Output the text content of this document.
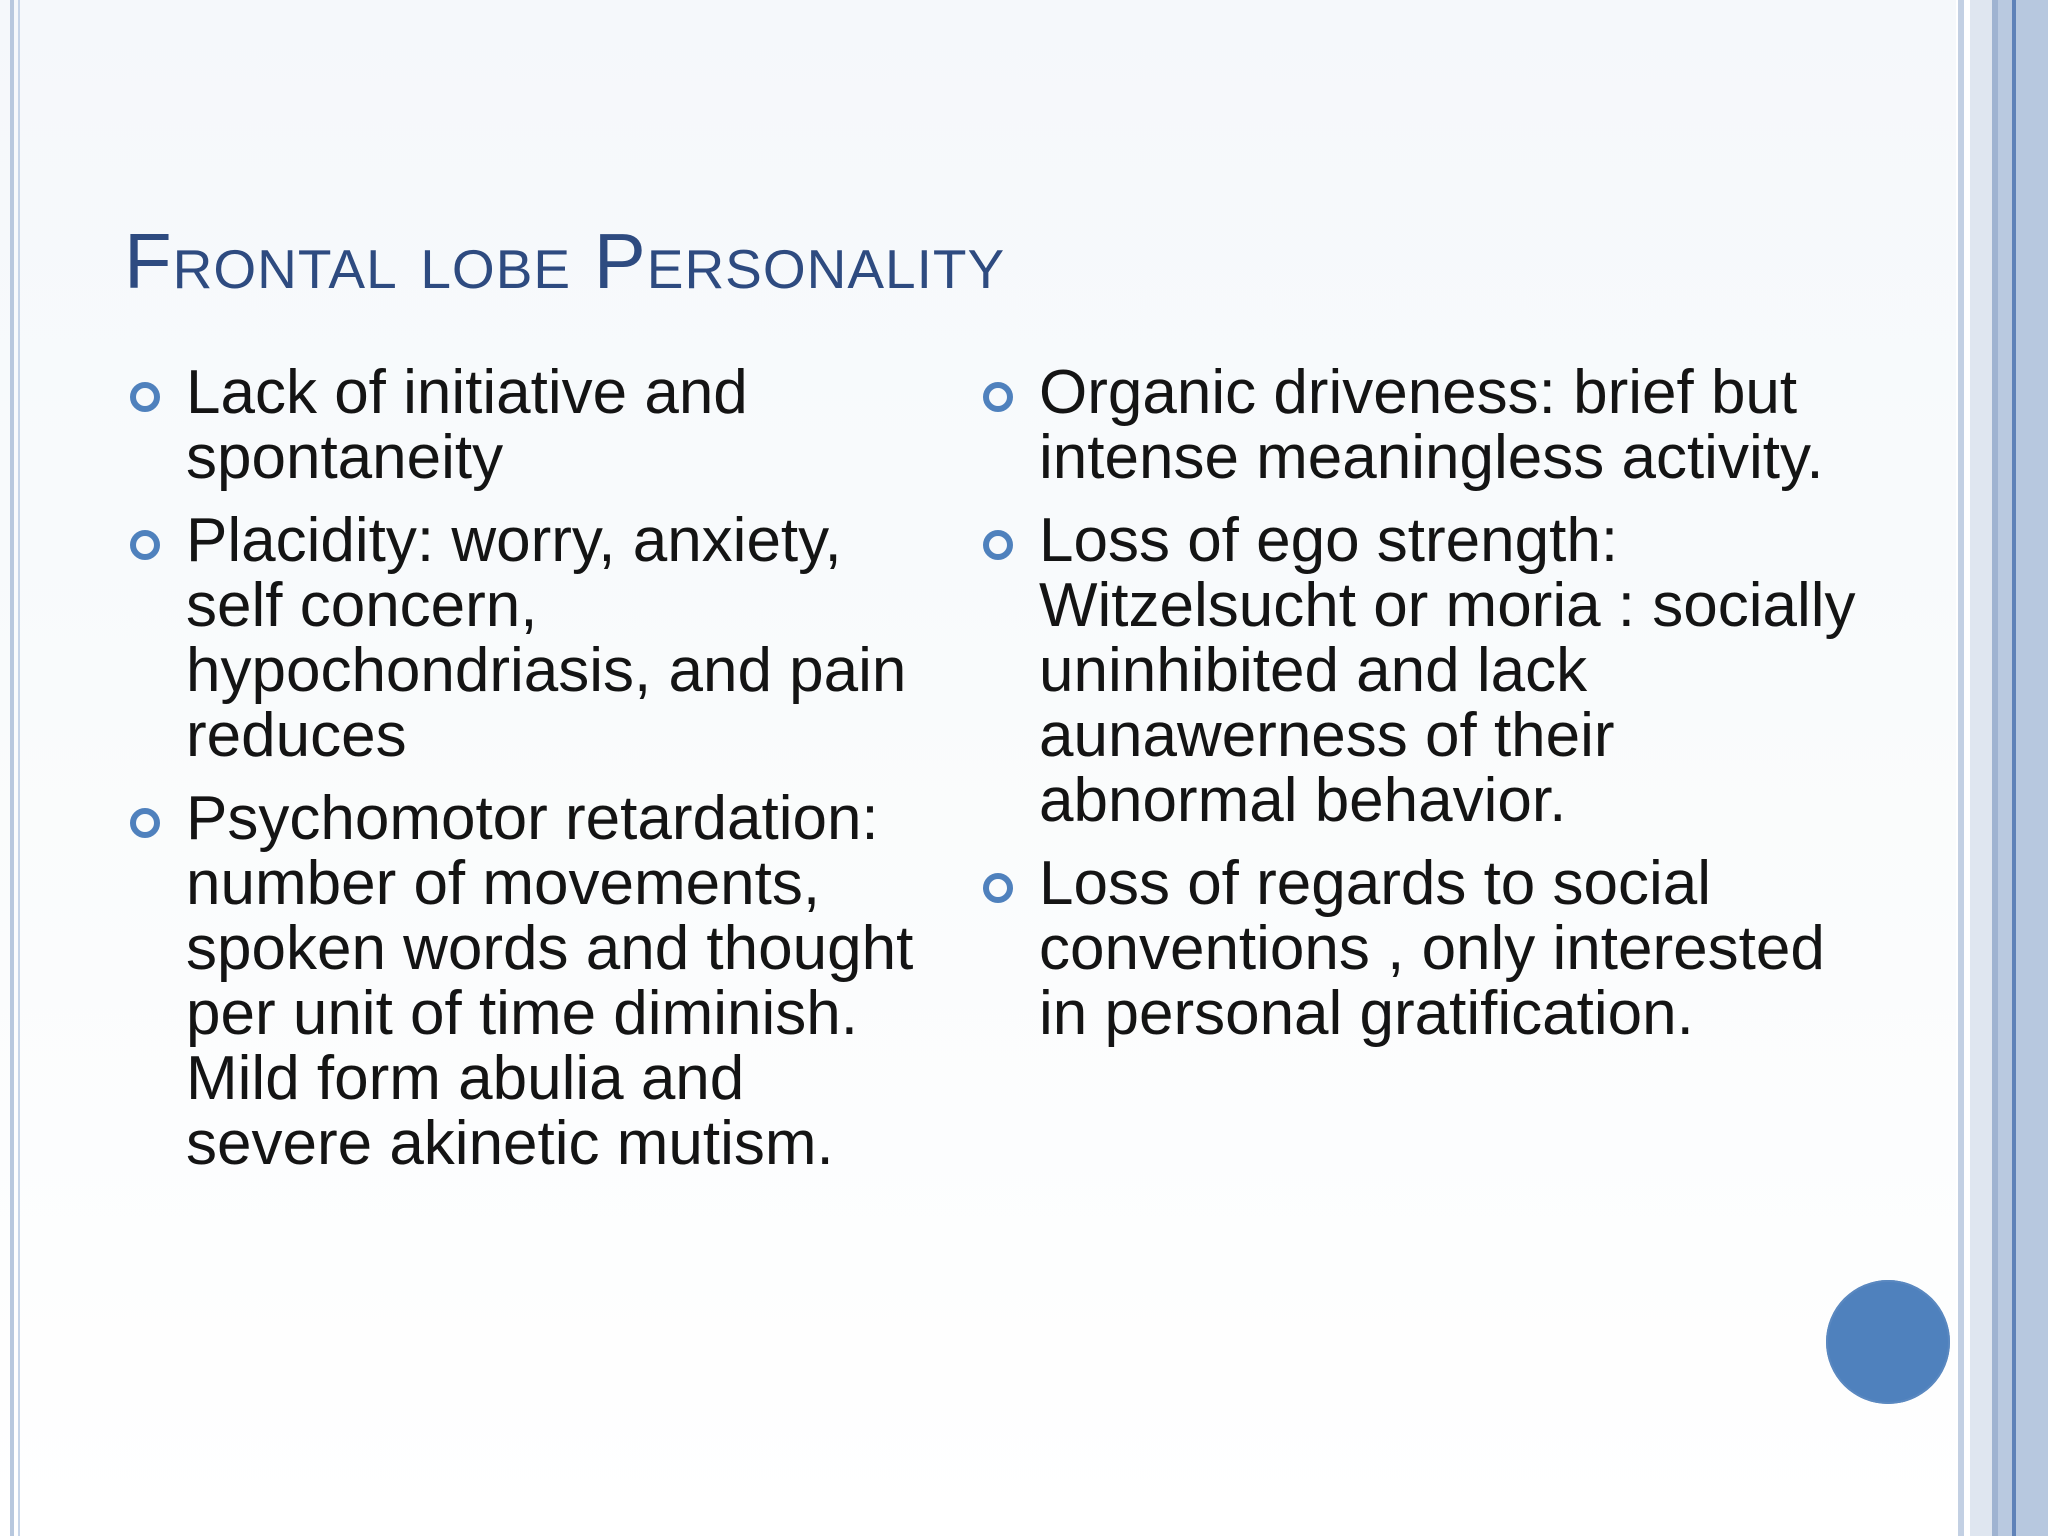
Frontal lobe Personality
Lack of initiative and spontaneity
Placidity: worry, anxiety, self concern, hypochondriasis, and pain reduces
Psychomotor retardation: number of movements, spoken words and thought per unit of time diminish. Mild form abulia and severe akinetic mutism.
Organic driveness: brief but intense meaningless activity.
Loss of ego strength: Witzelsucht or moria : socially uninhibited and lack aunawerness of their abnormal behavior.
Loss of regards to social conventions , only interested in personal gratification.
